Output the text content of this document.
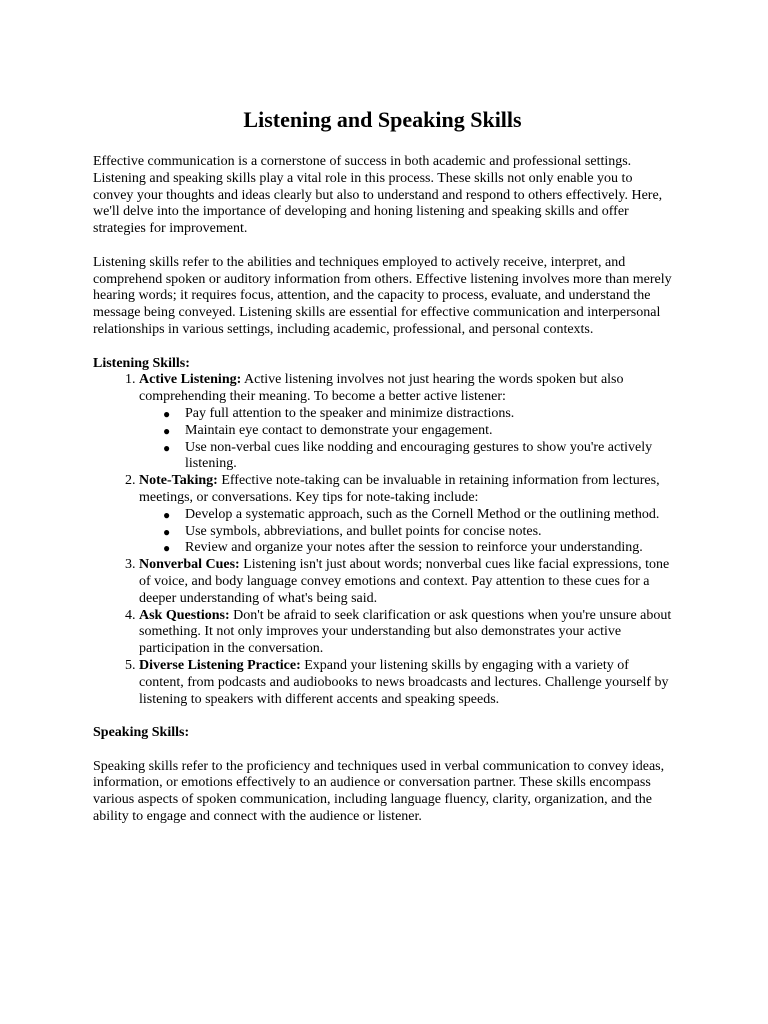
Listening and Speaking Skills

Effective communication is a cornerstone of success in both academic and professional settings. Listening and speaking skills play a vital role in this process. These skills not only enable you to convey your thoughts and ideas clearly but also to understand and respond to others effectively. Here, we'll delve into the importance of developing and honing listening and speaking skills and offer strategies for improvement.

Listening skills refer to the abilities and techniques employed to actively receive, interpret, and comprehend spoken or auditory information from others. Effective listening involves more than merely hearing words; it requires focus, attention, and the capacity to process, evaluate, and understand the message being conveyed. Listening skills are essential for effective communication and interpersonal relationships in various settings, including academic, professional, and personal contexts.

Listening Skills:
1. Active Listening: Active listening involves not just hearing the words spoken but also comprehending their meaning. To become a better active listener:
● Pay full attention to the speaker and minimize distractions.
● Maintain eye contact to demonstrate your engagement.
● Use non-verbal cues like nodding and encouraging gestures to show you're actively listening.
2. Note-Taking: Effective note-taking can be invaluable in retaining information from lectures, meetings, or conversations. Key tips for note-taking include:
● Develop a systematic approach, such as the Cornell Method or the outlining method.
● Use symbols, abbreviations, and bullet points for concise notes.
● Review and organize your notes after the session to reinforce your understanding.
3. Nonverbal Cues: Listening isn't just about words; nonverbal cues like facial expressions, tone of voice, and body language convey emotions and context. Pay attention to these cues for a deeper understanding of what's being said.
4. Ask Questions: Don't be afraid to seek clarification or ask questions when you're unsure about something. It not only improves your understanding but also demonstrates your active participation in the conversation.
5. Diverse Listening Practice: Expand your listening skills by engaging with a variety of content, from podcasts and audiobooks to news broadcasts and lectures. Challenge yourself by listening to speakers with different accents and speaking speeds.
Speaking Skills:

Speaking skills refer to the proficiency and techniques used in verbal communication to convey ideas, information, or emotions effectively to an audience or conversation partner. These skills encompass various aspects of spoken communication, including language fluency, clarity, organization, and the ability to engage and connect with the audience or listener.
